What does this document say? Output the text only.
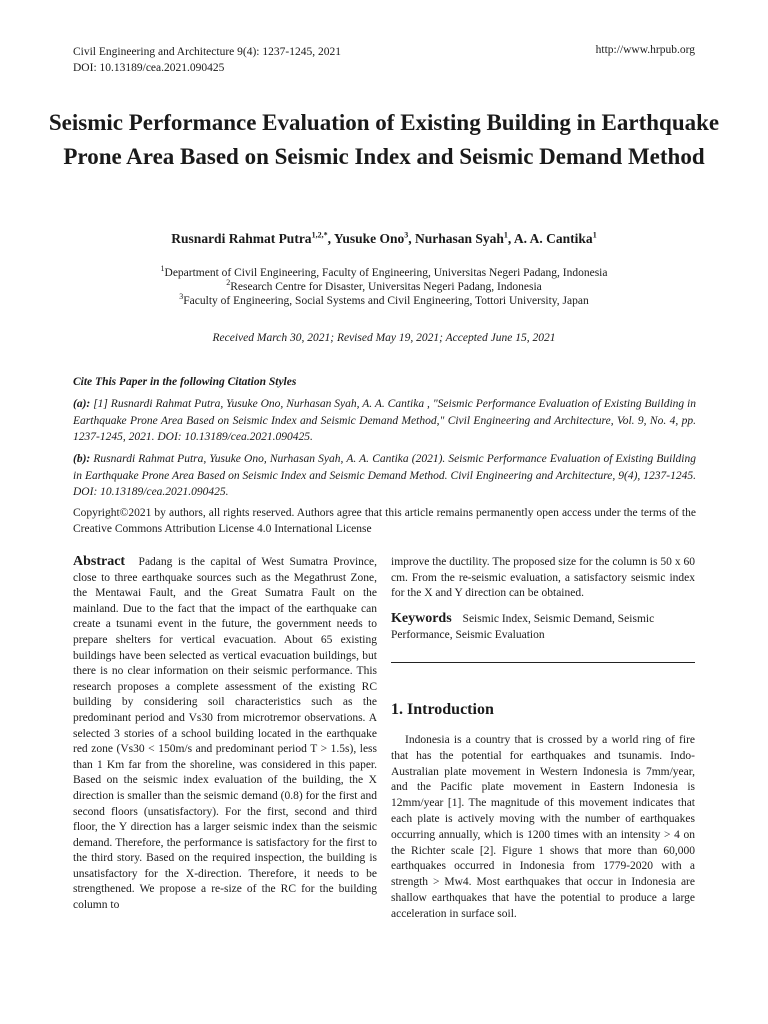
Civil Engineering and Architecture 9(4): 1237-1245, 2021
DOI: 10.13189/cea.2021.090425
http://www.hrpub.org
Seismic Performance Evaluation of Existing Building in Earthquake Prone Area Based on Seismic Index and Seismic Demand Method
Rusnardi Rahmat Putra$^{1,2,*}$, Yusuke Ono$^3$, Nurhasan Syah$^1$, A. A. Cantika$^1$
$^1$Department of Civil Engineering, Faculty of Engineering, Universitas Negeri Padang, Indonesia
$^2$Research Centre for Disaster, Universitas Negeri Padang, Indonesia
$^3$Faculty of Engineering, Social Systems and Civil Engineering, Tottori University, Japan
Received March 30, 2021; Revised May 19, 2021; Accepted June 15, 2021
Cite This Paper in the following Citation Styles
(a): [1] Rusnardi Rahmat Putra, Yusuke Ono, Nurhasan Syah, A. A. Cantika , "Seismic Performance Evaluation of Existing Building in Earthquake Prone Area Based on Seismic Index and Seismic Demand Method," Civil Engineering and Architecture, Vol. 9, No. 4, pp. 1237-1245, 2021. DOI: 10.13189/cea.2021.090425.
(b): Rusnardi Rahmat Putra, Yusuke Ono, Nurhasan Syah, A. A. Cantika (2021). Seismic Performance Evaluation of Existing Building in Earthquake Prone Area Based on Seismic Index and Seismic Demand Method. Civil Engineering and Architecture, 9(4), 1237-1245. DOI: 10.13189/cea.2021.090425.
Copyright©2021 by authors, all rights reserved. Authors agree that this article remains permanently open access under the terms of the Creative Commons Attribution License 4.0 International License
Abstract Padang is the capital of West Sumatra Province, close to three earthquake sources such as the Megathrust Zone, the Mentawai Fault, and the Great Sumatra Fault on the mainland. Due to the fact that the impact of the earthquake can create a tsunami event in the future, the government needs to prepare shelters for vertical evacuation. About 65 existing buildings have been selected as vertical evacuation buildings, but there is no clear information on their seismic performance. This research proposes a complete assessment of the existing RC building by considering soil characteristics such as the predominant period and Vs30 from microtremor observations. A selected 3 stories of a school building located in the earthquake red zone (Vs30 < 150m/s and predominant period T > 1.5s), less than 1 Km far from the shoreline, was considered in this paper. Based on the seismic index evaluation of the building, the X direction is smaller than the seismic demand (0.8) for the first and second floors (unsatisfactory). For the first, second and third floor, the Y direction has a larger seismic index than the seismic demand. Therefore, the performance is satisfactory for the first to the third story. Based on the required inspection, the building is unsatisfactory for the X-direction. Therefore, it needs to be strengthened. We propose a re-size of the RC for the building column to
improve the ductility. The proposed size for the column is 50 x 60 cm. From the re-seismic evaluation, a satisfactory seismic index for the X and Y direction can be obtained.
Keywords Seismic Index, Seismic Demand, Seismic Performance, Seismic Evaluation
1. Introduction
Indonesia is a country that is crossed by a world ring of fire that has the potential for earthquakes and tsunamis. Indo-Australian plate movement in Western Indonesia is 7mm/year, and the Pacific plate movement in Eastern Indonesia is 12mm/year [1]. The magnitude of this movement indicates that each plate is actively moving with the number of earthquakes occurring annually, which is 1200 times with an intensity > 4 on the Richter scale [2]. Figure 1 shows that more than 60,000 earthquakes occurred in Indonesia from 1779-2020 with a strength > Mw4. Most earthquakes that occur in Indonesia are shallow earthquakes that have the potential to produce a large acceleration in surface soil.
